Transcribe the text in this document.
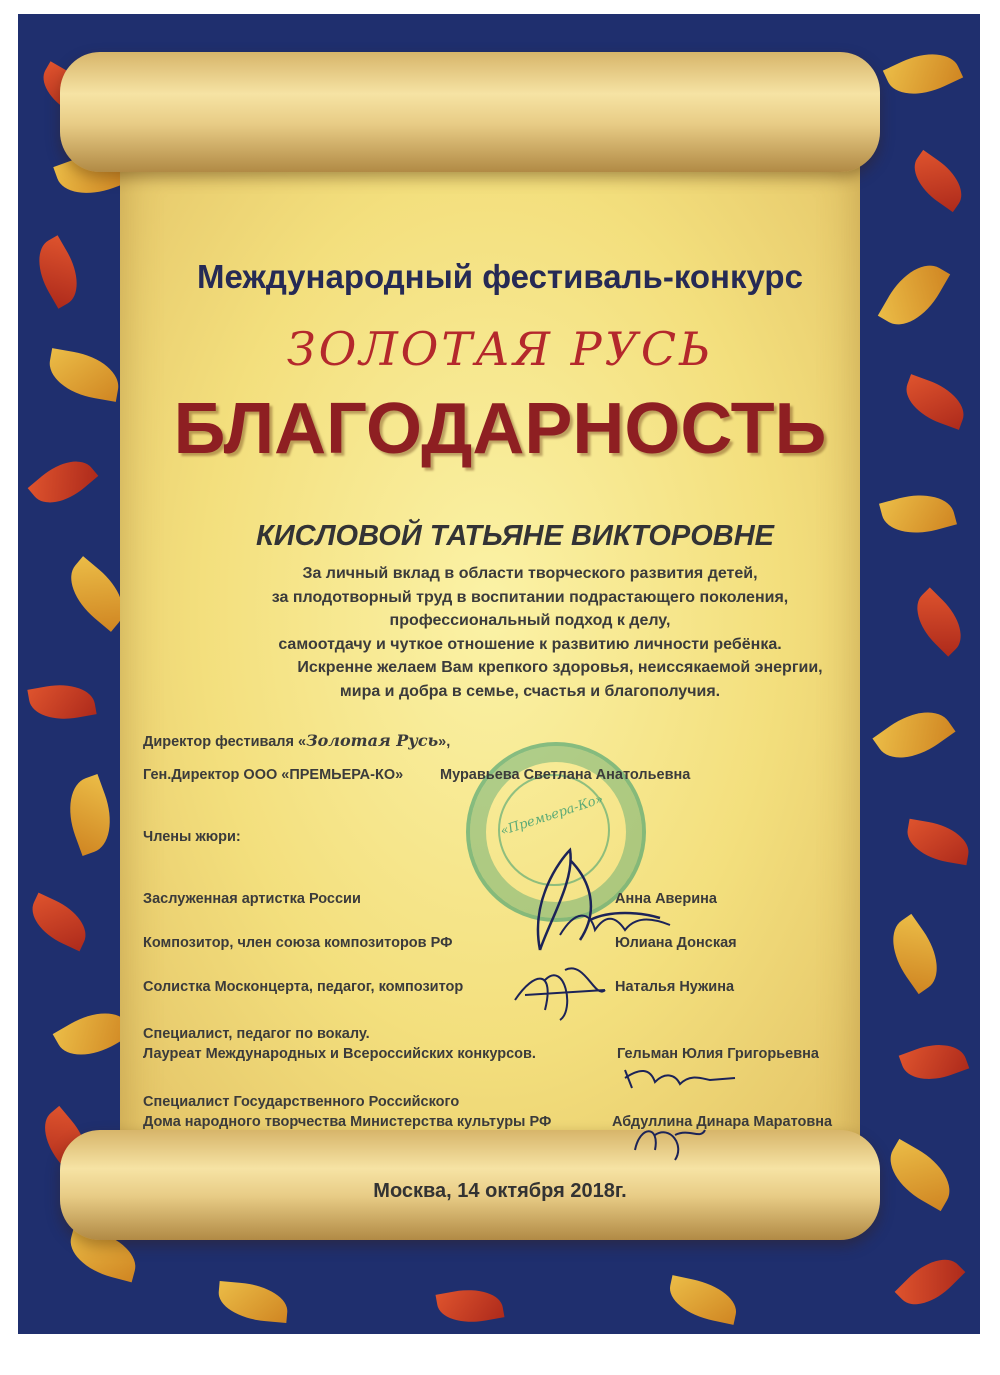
Международный фестиваль-конкурс
ЗОЛОТАЯ РУСЬ
БЛАГОДАРНОСТЬ
КИСЛОВОЙ ТАТЬЯНЕ ВИКТОРОВНЕ
За личный вклад в области творческого развития детей,
за плодотворный труд в воспитании подрастающего поколения,
профессиональный подход к делу,
самоотдачу и чуткое отношение к развитию личности ребёнка.
Искренне желаем Вам крепкого здоровья, неиссякаемой энергии,
мира и добра в семье, счастья и благополучия.
«Премьера-Ко»
Директор фестиваля «Золотая Русь»,
Ген.Директор ООО «ПРЕМЬЕРА-КО»	Муравьева Светлана Анатольевна
Члены жюри:
Заслуженная артистка России	Анна Аверина
Композитор, член союза композиторов РФ	Юлиана Донская
Солистка Москонцерта, педагог, композитор	Наталья Нужина
Специалист, педагог по вокалу.
Лауреат Международных и Всероссийских конкурсов.	Гельман Юлия Григорьевна
Специалист Государственного Российского
Дома народного творчества Министерства культуры РФ	Абдуллина Динара Маратовна
Москва, 14 октября 2018г.
